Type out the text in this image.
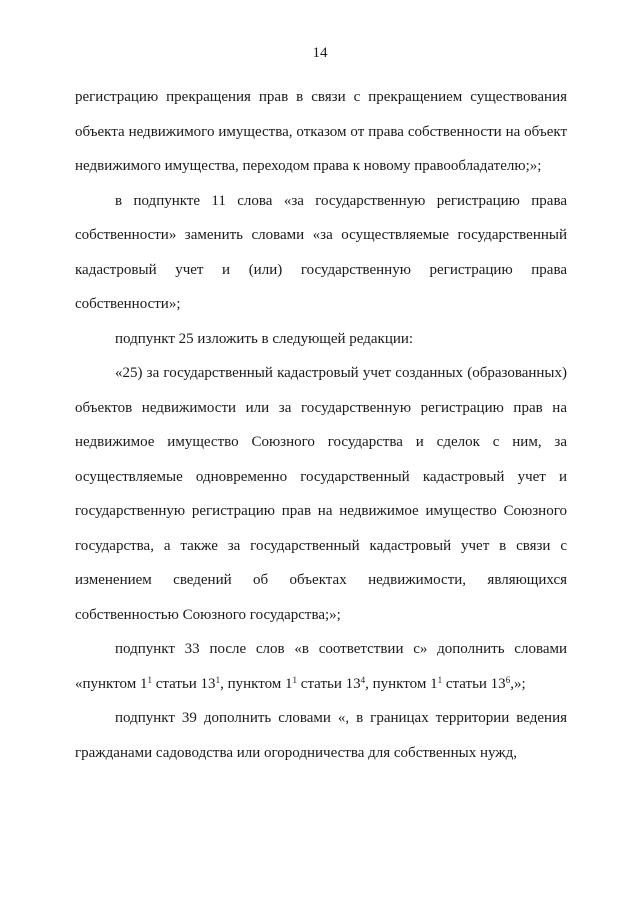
14

регистрацию прекращения прав в связи с прекращением существования объекта недвижимого имущества, отказом от права собственности на объект недвижимого имущества, переходом права к новому правообладателю;»;

в подпункте 11 слова «за государственную регистрацию права собственности» заменить словами «за осуществляемые государственный кадастровый учет и (или) государственную регистрацию права собственности»;

подпункт 25 изложить в следующей редакции:

«25) за государственный кадастровый учет созданных (образованных) объектов недвижимости или за государственную регистрацию прав на недвижимое имущество Союзного государства и сделок с ним, за осуществляемые одновременно государственный кадастровый учет и государственную регистрацию прав на недвижимое имущество Союзного государства, а также за государственный кадастровый учет в связи с изменением сведений об объектах недвижимости, являющихся собственностью Союзного государства;»;

подпункт 33 после слов «в соответствии с» дополнить словами «пунктом $1^1$ статьи $13^1$, пунктом $1^1$ статьи $13^4$, пунктом $1^1$ статьи $13^6$,»;

подпункт 39 дополнить словами «, в границах территории ведения гражданами садоводства или огородничества для собственных нужд,
